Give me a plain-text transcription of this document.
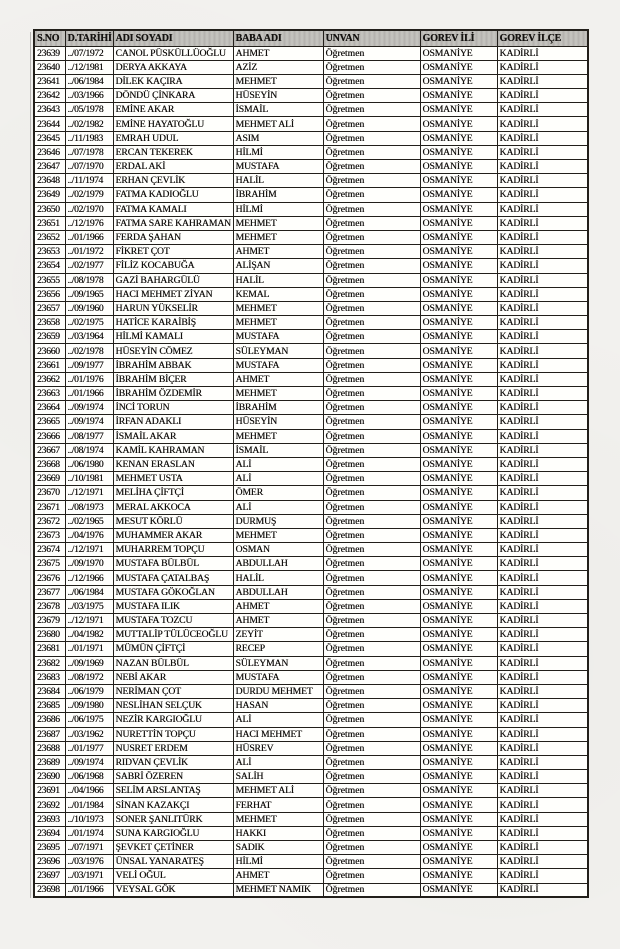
S.NO	D.TARİHİ	ADI SOYADI	BABA ADI	UNVAN	GOREV İLİ	GOREV İLÇE
23639	../07/1972	CANOL PÜSKÜLLÜOĞLU	AHMET	Öğretmen	OSMANİYE	KADİRLİ
23640	../12/1981	DERYA AKKAYA	AZİZ	Öğretmen	OSMANİYE	KADİRLİ
23641	../06/1984	DİLEK KAÇIRA	MEHMET	Öğretmen	OSMANİYE	KADİRLİ
23642	../03/1966	DÖNDÜ ÇİNKARA	HÜSEYİN	Öğretmen	OSMANİYE	KADİRLİ
23643	../05/1978	EMİNE AKAR	İSMAİL	Öğretmen	OSMANİYE	KADİRLİ
23644	../02/1982	EMİNE HAYATOĞLU	MEHMET ALİ	Öğretmen	OSMANİYE	KADİRLİ
23645	../11/1983	EMRAH UDUL	ASIM	Öğretmen	OSMANİYE	KADİRLİ
23646	../07/1978	ERCAN TEKEREK	HİLMİ	Öğretmen	OSMANİYE	KADİRLİ
23647	../07/1970	ERDAL AKİ	MUSTAFA	Öğretmen	OSMANİYE	KADİRLİ
23648	../11/1974	ERHAN ÇEVLİK	HALİL	Öğretmen	OSMANİYE	KADİRLİ
23649	../02/1979	FATMA KADIOĞLU	İBRAHİM	Öğretmen	OSMANİYE	KADİRLİ
23650	../02/1970	FATMA KAMALI	HİLMİ	Öğretmen	OSMANİYE	KADİRLİ
23651	../12/1976	FATMA SARE KAHRAMAN	MEHMET	Öğretmen	OSMANİYE	KADİRLİ
23652	../01/1966	FERDA ŞAHAN	MEHMET	Öğretmen	OSMANİYE	KADİRLİ
23653	../01/1972	FİKRET ÇOT	AHMET	Öğretmen	OSMANİYE	KADİRLİ
23654	../02/1977	FİLİZ KOCABUĞA	ALİŞAN	Öğretmen	OSMANİYE	KADİRLİ
23655	../08/1978	GAZİ BAHARGÜLÜ	HALİL	Öğretmen	OSMANİYE	KADİRLİ
23656	../09/1965	HACI MEHMET ZİYAN	KEMAL	Öğretmen	OSMANİYE	KADİRLİ
23657	../09/1960	HARUN YÜKSELİR	MEHMET	Öğretmen	OSMANİYE	KADİRLİ
23658	../02/1975	HATİCE KARAİBİŞ	MEHMET	Öğretmen	OSMANİYE	KADİRLİ
23659	../03/1964	HİLMİ KAMALI	MUSTAFA	Öğretmen	OSMANİYE	KADİRLİ
23660	../02/1978	HÜSEYİN CÖMEZ	SÜLEYMAN	Öğretmen	OSMANİYE	KADİRLİ
23661	../09/1977	İBRAHİM ABBAK	MUSTAFA	Öğretmen	OSMANİYE	KADİRLİ
23662	../01/1976	İBRAHİM BİÇER	AHMET	Öğretmen	OSMANİYE	KADİRLİ
23663	../01/1966	İBRAHİM ÖZDEMİR	MEHMET	Öğretmen	OSMANİYE	KADİRLİ
23664	../09/1974	İNCİ TORUN	İBRAHİM	Öğretmen	OSMANİYE	KADİRLİ
23665	../09/1974	İRFAN ADAKLI	HÜSEYİN	Öğretmen	OSMANİYE	KADİRLİ
23666	../08/1977	İSMAİL AKAR	MEHMET	Öğretmen	OSMANİYE	KADİRLİ
23667	../08/1974	KAMİL KAHRAMAN	İSMAİL	Öğretmen	OSMANİYE	KADİRLİ
23668	../06/1980	KENAN ERASLAN	ALİ	Öğretmen	OSMANİYE	KADİRLİ
23669	../10/1981	MEHMET USTA	ALİ	Öğretmen	OSMANİYE	KADİRLİ
23670	../12/1971	MELİHA ÇİFTÇİ	ÖMER	Öğretmen	OSMANİYE	KADİRLİ
23671	../08/1973	MERAL AKKOCA	ALİ	Öğretmen	OSMANİYE	KADİRLİ
23672	../02/1965	MESUT KÖRLÜ	DURMUŞ	Öğretmen	OSMANİYE	KADİRLİ
23673	../04/1976	MUHAMMER AKAR	MEHMET	Öğretmen	OSMANİYE	KADİRLİ
23674	../12/1971	MUHARREM TOPÇU	OSMAN	Öğretmen	OSMANİYE	KADİRLİ
23675	../09/1970	MUSTAFA BÜLBÜL	ABDULLAH	Öğretmen	OSMANİYE	KADİRLİ
23676	../12/1966	MUSTAFA ÇATALBAŞ	HALİL	Öğretmen	OSMANİYE	KADİRLİ
23677	../06/1984	MUSTAFA GÖKOĞLAN	ABDULLAH	Öğretmen	OSMANİYE	KADİRLİ
23678	../03/1975	MUSTAFA ILIK	AHMET	Öğretmen	OSMANİYE	KADİRLİ
23679	../12/1971	MUSTAFA TOZCU	AHMET	Öğretmen	OSMANİYE	KADİRLİ
23680	../04/1982	MUTTALİP TÜLÜCEOĞLU	ZEYİT	Öğretmen	OSMANİYE	KADİRLİ
23681	../01/1971	MÜMÜN ÇİFTÇİ	RECEP	Öğretmen	OSMANİYE	KADİRLİ
23682	../09/1969	NAZAN BÜLBÜL	SÜLEYMAN	Öğretmen	OSMANİYE	KADİRLİ
23683	../08/1972	NEBİ AKAR	MUSTAFA	Öğretmen	OSMANİYE	KADİRLİ
23684	../06/1979	NERİMAN ÇOT	DURDU MEHMET	Öğretmen	OSMANİYE	KADİRLİ
23685	../09/1980	NESLİHAN SELÇUK	HASAN	Öğretmen	OSMANİYE	KADİRLİ
23686	../06/1975	NEZİR KARGIOĞLU	ALİ	Öğretmen	OSMANİYE	KADİRLİ
23687	../03/1962	NURETTİN TOPÇU	HACI MEHMET	Öğretmen	OSMANİYE	KADİRLİ
23688	../01/1977	NUSRET ERDEM	HÜSREV	Öğretmen	OSMANİYE	KADİRLİ
23689	../09/1974	RIDVAN ÇEVLİK	ALİ	Öğretmen	OSMANİYE	KADİRLİ
23690	../06/1968	SABRİ ÖZEREN	SALİH	Öğretmen	OSMANİYE	KADİRLİ
23691	../04/1966	SELİM ARSLANTAŞ	MEHMET ALİ	Öğretmen	OSMANİYE	KADİRLİ
23692	../01/1984	SİNAN KAZAKÇI	FERHAT	Öğretmen	OSMANİYE	KADİRLİ
23693	../10/1973	SONER ŞANLITÜRK	MEHMET	Öğretmen	OSMANİYE	KADİRLİ
23694	../01/1974	SUNA KARGIOĞLU	HAKKI	Öğretmen	OSMANİYE	KADİRLİ
23695	../07/1971	ŞEVKET ÇETİNER	SADIK	Öğretmen	OSMANİYE	KADİRLİ
23696	../03/1976	ÜNSAL YANARATEŞ	HİLMİ	Öğretmen	OSMANİYE	KADİRLİ
23697	../03/1971	VELİ OĞUL	AHMET	Öğretmen	OSMANİYE	KADİRLİ
23698	../01/1966	VEYSAL GÖK	MEHMET NAMIK	Öğretmen	OSMANİYE	KADİRLİ
